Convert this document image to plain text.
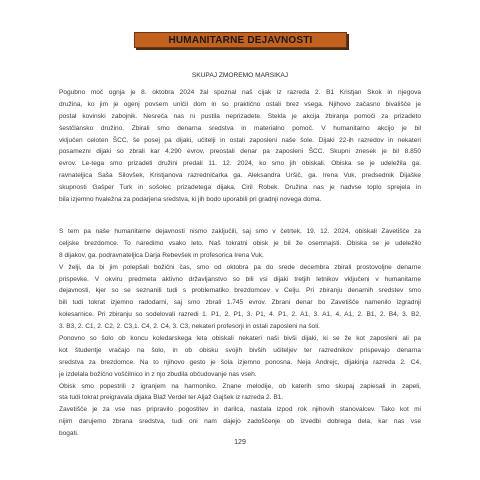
HUMANITARNE DEJAVNOSTI
SKUPAJ ZMOREMO MARSIKAJ
Pogubno moč ognja je 8. oktobra 2024 žal spoznal naš cijak iz razreda 2. B1 Kristjan Skok in njegova
družina, ko jim je ogenj povsem uničil dom in so praktično ostali brez vsega. Njihovo začasno bivališče je
postal kovinski zabojnik. Nesreča nas ni pustila neprizadete. Stekla je akcija zbiranja pomoči za prizadeto
šestčlansko družino. Zbirali smo denarna sredstva in materialno pomoč. V humanitarno akcijo je bil
vključen celoten ŠCC, še posej pa dijaki, učitelji in ostali zaposleni naše šole. Dijaki 22-ih razredov in nekateri
posamezni dijaki so zbrali kar 4.290 evrov, preostali denar pa zaposleni ŠCC. Skupni znesek je bil 8.850
evrov. Le-tega smo prizadeti družini predali 11. 12. 2024, ko smo jih obiskali. Obiska se je udeležila ga.
ravnateljica Saša Silovšek, Kristjanova razredničarka ga. Aleksandra Uršič, ga. Irena Vuk, predsednik Dijaške
skupnosti Gašper Turk in sošolec prizadetega dijaka, Ciril Robek. Družina nas je nadvse toplo sprejela in
bila izjemno hvaležna za podarjena sredstva, ki jih bodo uporabili pri gradnji novega doma.
S tem pa naše humanitarne dejavnosti nismo zaključili, saj smo v četrtek, 19. 12. 2024, obiskali Zavetišče za
celjske brezdomce. To naredimo vsako leto. Naš tokratni obisk je bil že osemnajsti. Obiska se je udeležilo
8 dijakov, ga. podravnateljica Darja Rebevšek in profesorica Irena Vuk.
V želji, da bi jim polepšali božični čas, smo od oktobra pa do srede decembra zbirali prostovoljne denarne
prispevke. V okviru predmeta aktivno državljanstvo so bili vsi dijaki tretjih letnikov vključeni v humanitarne
dejavnosti, kjer so se seznanili tudi s problematiko brezdomcev v Celju. Pri zbiranju denarnih sredstev smo
bili tudi tokrat izjemno radodarni, saj smo zbrali 1.745 evrov. Zbrani denar bo Zavetišče namenilo izgradnji
kolesarnice. Pri zbiranju so sodelovali razredi 1. P1, 2. P1, 3. P1, 4. P1, 2. A1, 3. A1, 4. A1, 2. B1, 2. B4, 3. B2,
3. B3, 2. C1, 2. C2, 2. C3,1. C4, 2. C4, 3. C3, nekateri profesorji in ostali zaposleni na šoli.
Ponovno so šolo ob koncu koledarskega leta obiskali nekateri naši bivši dijaki, ki se že kot zaposleni ali pa
kot študentje vračajo na šolo, in ob obisku svojih bivših učiteljev ter razrednikov prispevajo denarna
sredstva za brezdomce. Na to njihovo gesto je šola izjemno ponosna. Neja Andrejc, dijakinja razreda 2. C4,
je izdelala božično voščilnico in z njo zbudila občudovanje nas vseh.
Obisk smo popestrili z igranjem na harmoniko. Znane melodije, ob katerih smo skupaj zapiesali in zapeli,
sta tudi tokrat preigravala dijaka Blaž Verdel ter Aljaž Gajšek iz razreda 2. B1.
Zavetišče je za vse nas pripravilo pogostitev in darilca, nastala izpod rok njihovih stanovalcev. Tako kot mi
nijim darujemo zbrana sredstva, tudi oni nam dajejo zadoščenje ob izvedbi dobrega dela, kar nas vse
bogati.
129
